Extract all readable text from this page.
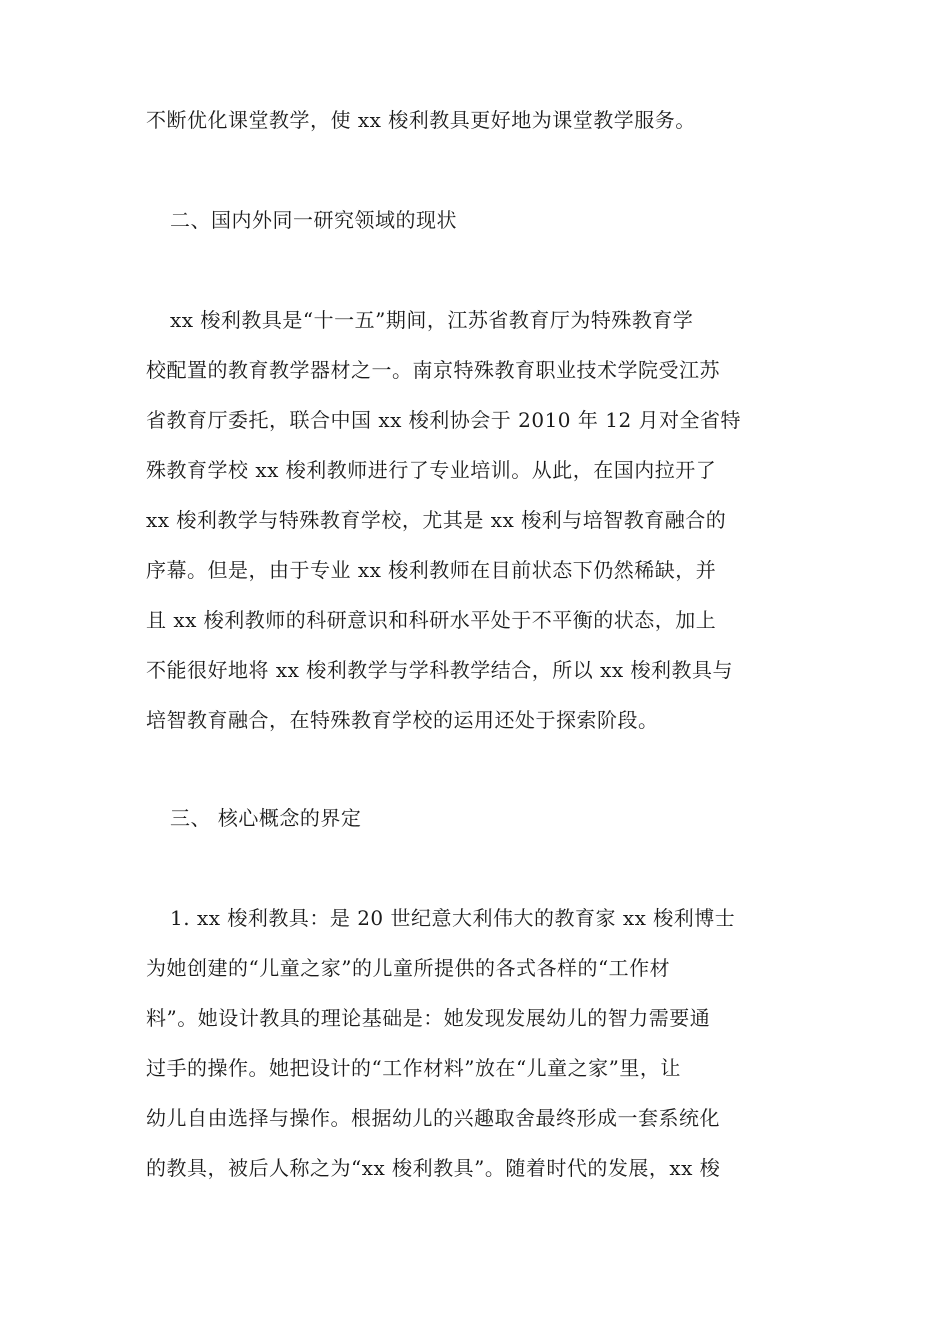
不断优化课堂教学，使 xx 梭利教具更好地为课堂教学服务。
二、国内外同一研究领域的现状
xx 梭利教具是“十一五”期间，江苏省教育厅为特殊教育学
校配置的教育教学器材之一。南京特殊教育职业技术学院受江苏
省教育厅委托，联合中国 xx 梭利协会于 2010 年 12 月对全省特
殊教育学校 xx 梭利教师进行了专业培训。从此，在国内拉开了
xx 梭利教学与特殊教育学校，尤其是 xx 梭利与培智教育融合的
序幕。但是，由于专业 xx 梭利教师在目前状态下仍然稀缺，并
且 xx 梭利教师的科研意识和科研水平处于不平衡的状态，加上
不能很好地将 xx 梭利教学与学科教学结合，所以 xx 梭利教具与
培智教育融合，在特殊教育学校的运用还处于探索阶段。
三、 核心概念的界定
1. xx 梭利教具：是 20 世纪意大利伟大的教育家 xx 梭利博士
为她创建的“儿童之家”的儿童所提供的各式各样的“工作材
料”。她设计教具的理论基础是：她发现发展幼儿的智力需要通
过手的操作。她把设计的“工作材料”放在“儿童之家”里，让
幼儿自由选择与操作。根据幼儿的兴趣取舍最终形成一套系统化
的教具，被后人称之为“xx 梭利教具”。随着时代的发展，xx 梭
